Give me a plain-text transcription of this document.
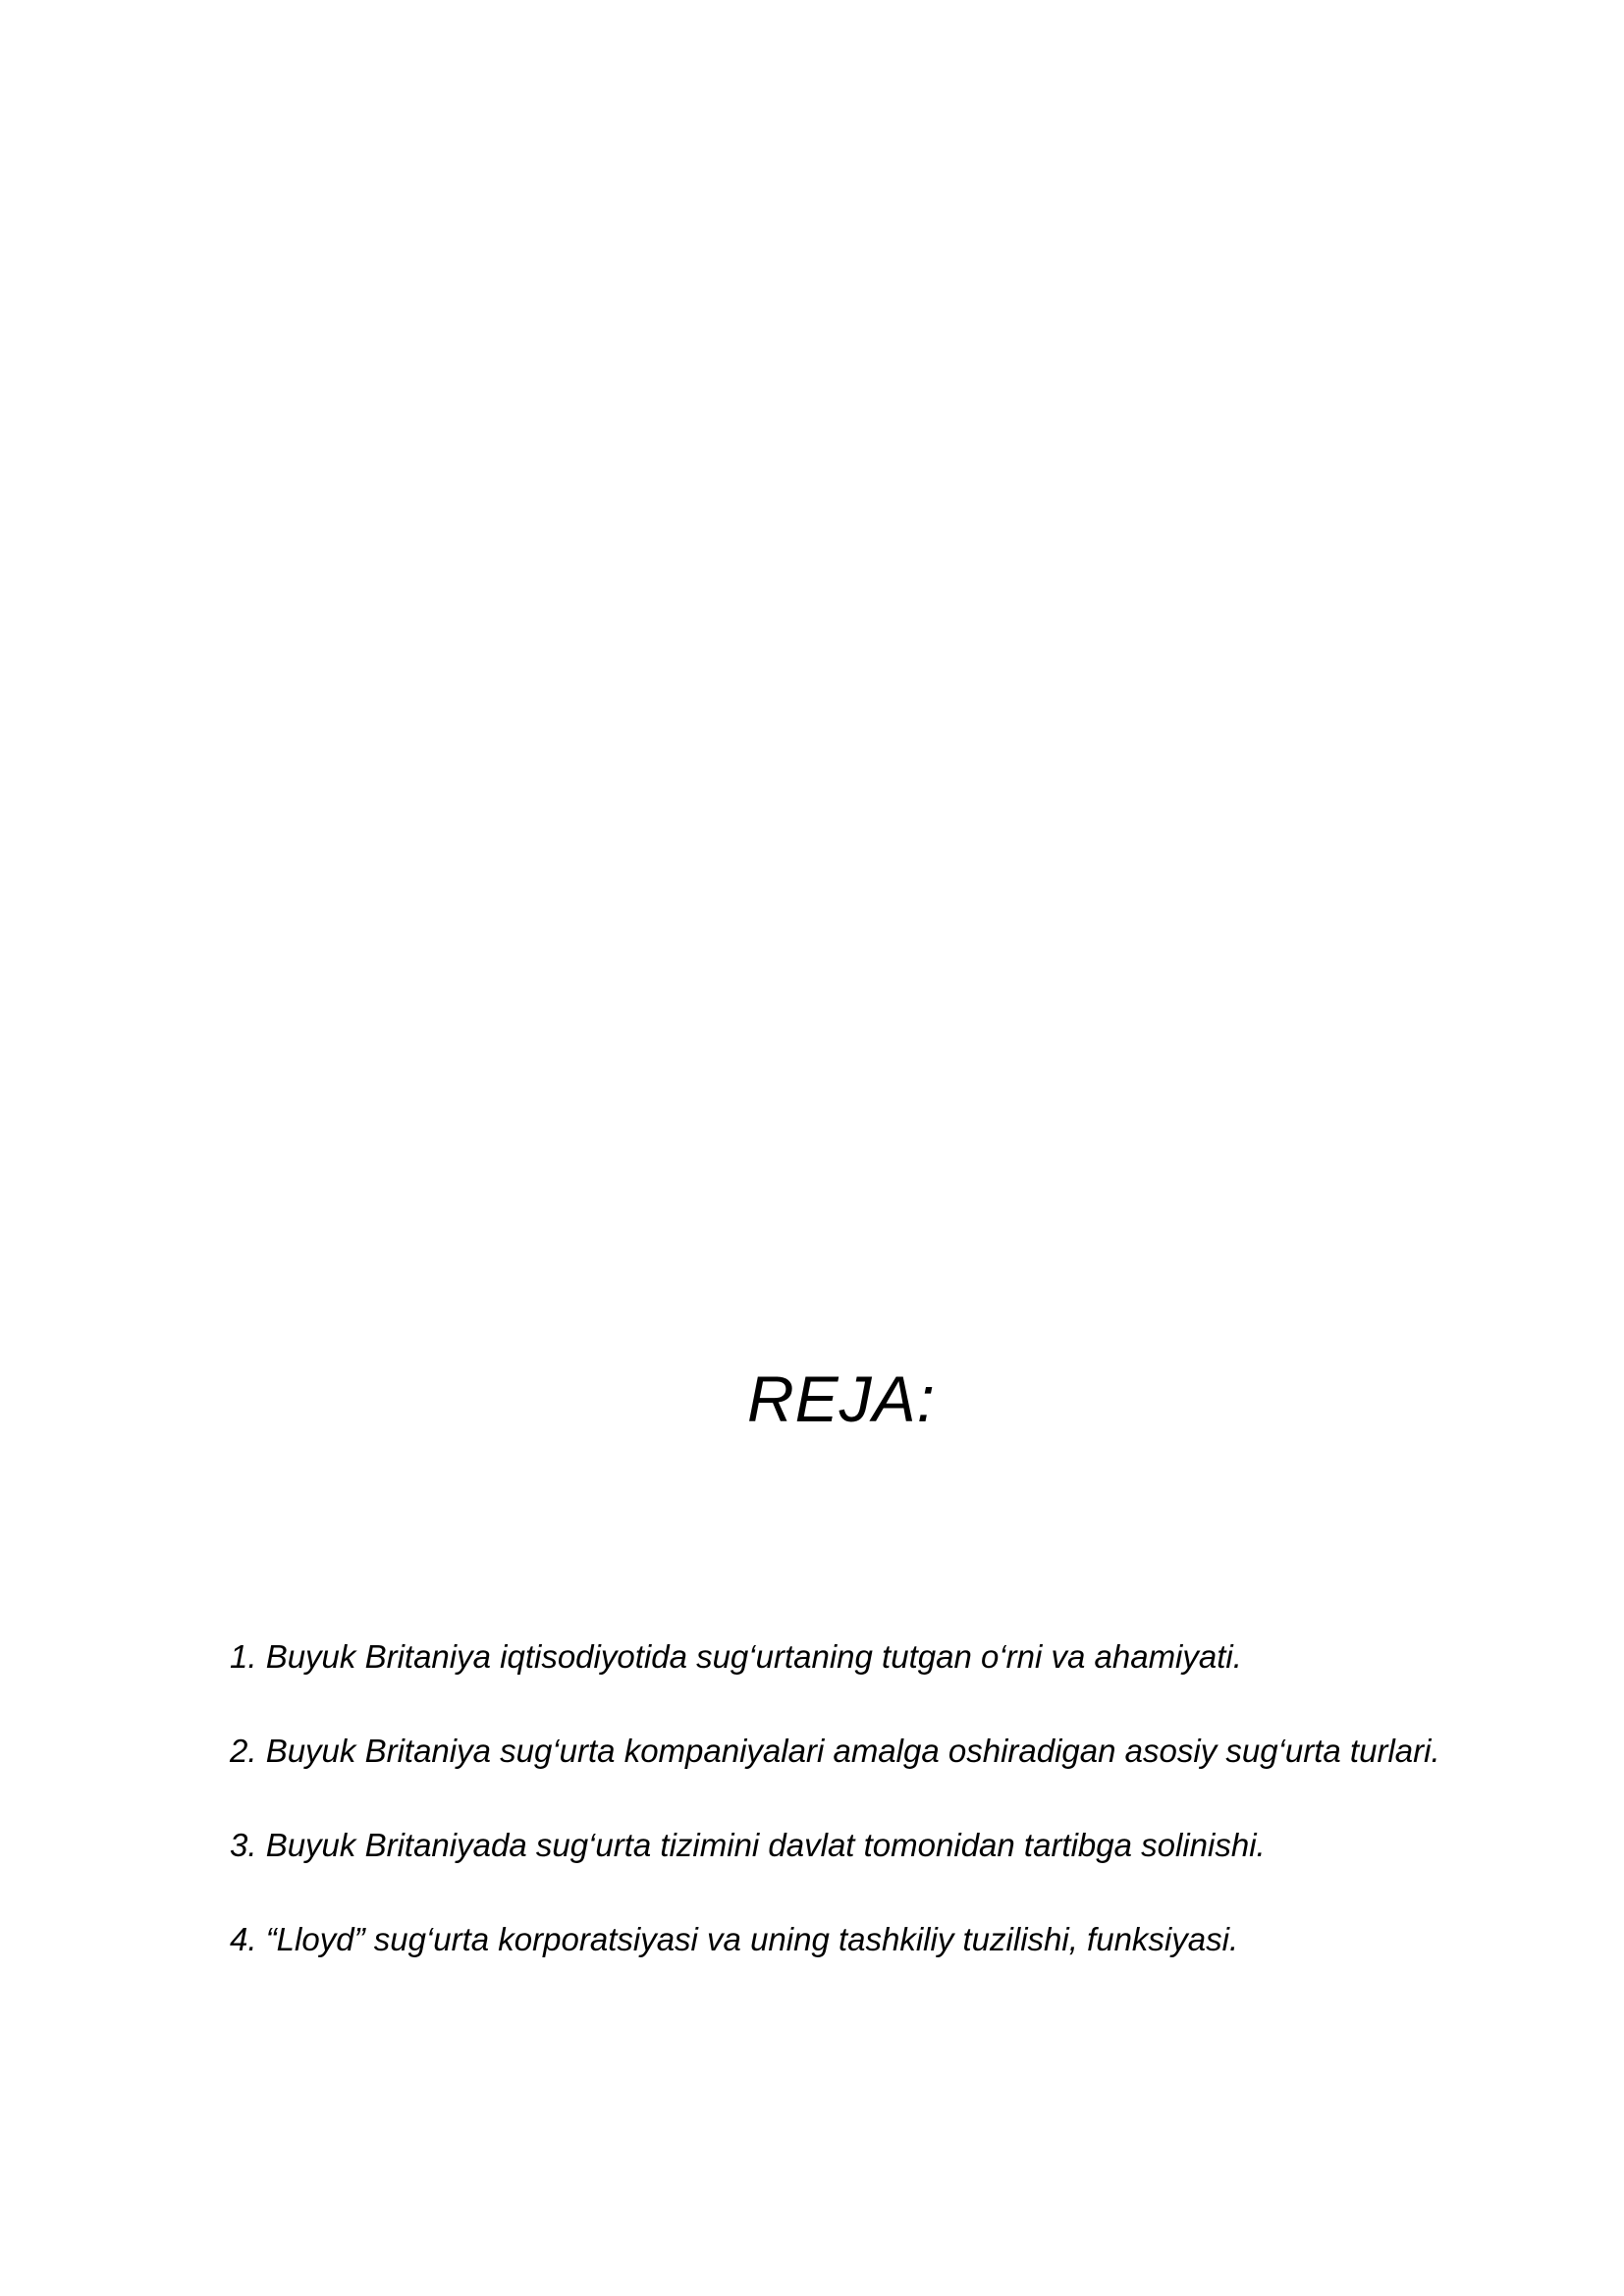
REJA:
1. Buyuk Britaniya iqtisodiyotida sug‘urtaning tutgan o‘rni va ahamiyati.
2. Buyuk Britaniya sug‘urta kompaniyalari amalga oshiradigan asosiy sug‘urta turlari.
3. Buyuk Britaniyada sug‘urta tizimini davlat tomonidan tartibga solinishi.
4. “Lloyd” sug‘urta korporatsiyasi va uning tashkiliy tuzilishi, funksiyasi.
